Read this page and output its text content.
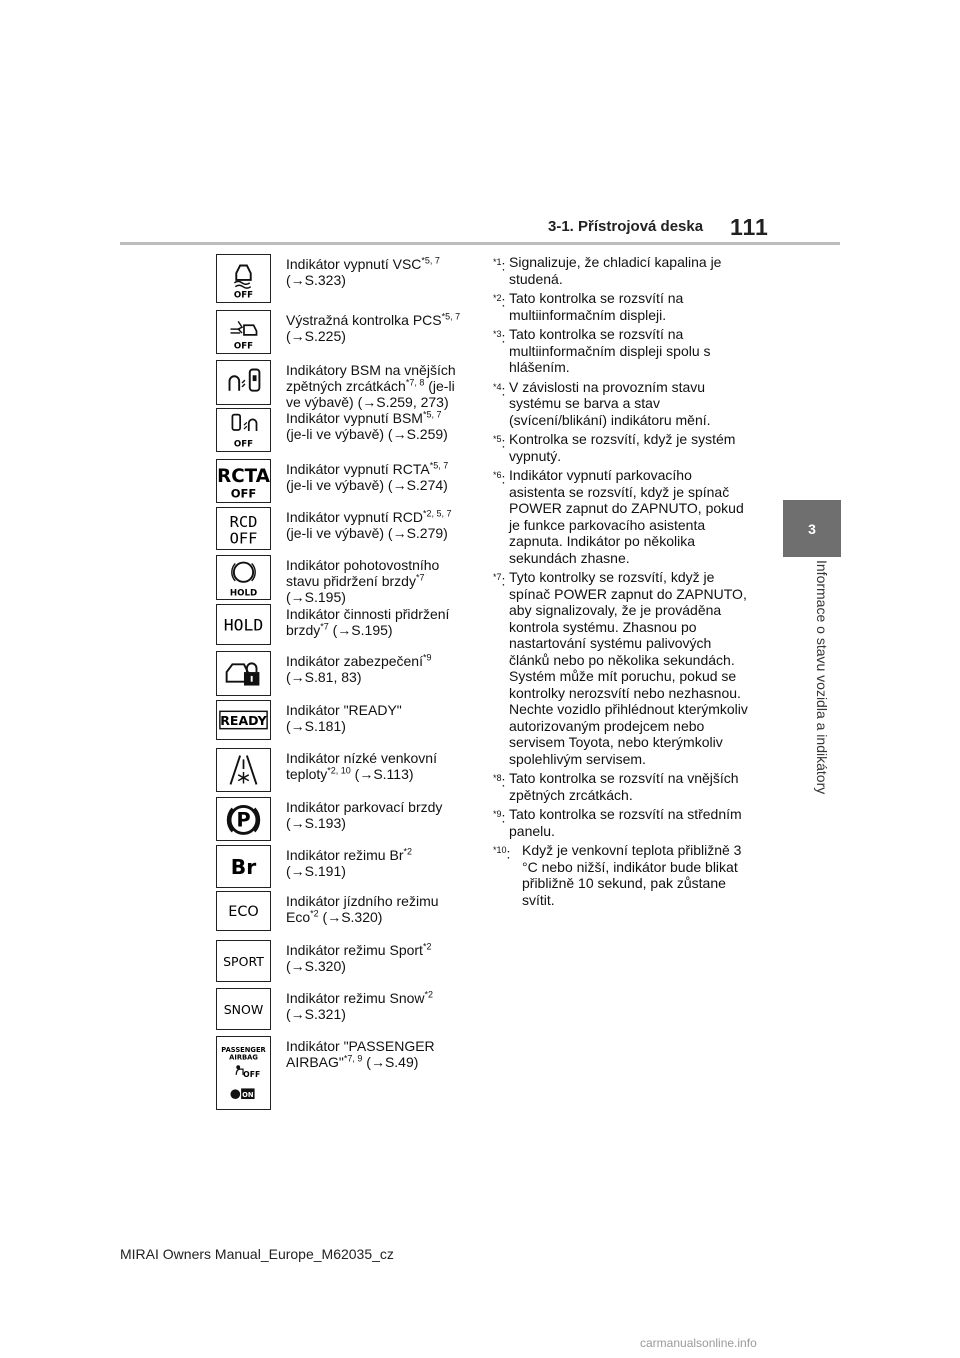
3-1. Přístrojová deska 111
3
Informace o stavu vozidla a indikátory
OFF
Indikátor vypnutí VSC$^{*5, 7}$
(→S.323)
OFF
Výstražná kontrolka PCS$^{*5, 7}$ (→S.225)
Indikátory BSM na vnějších zpětných zrcátkách$^{*7, 8}$ (je-li ve výbavě) (→S.259, 273)
OFF
Indikátor vypnutí BSM$^{*5, 7}$
(je-li ve výbavě) (→S.259)
RCTA
OFF
Indikátor vypnutí RCTA$^{*5, 7}$
(je-li ve výbavě) (→S.274)
RCD
OFF
Indikátor vypnutí RCD$^{*2, 5, 7}$
(je-li ve výbavě) (→S.279)
HOLD
Indikátor pohotovostního stavu přidržení brzdy$^{*7}$
(→S.195)
HOLD
Indikátor činnosti přidržení brzdy$^{*7}$ (→S.195)
Indikátor zabezpečení$^{*9}$
(→S.81, 83)
READY
Indikátor "READY"
(→S.181)
Indikátor nízké venkovní teploty$^{*2, 10}$ (→S.113)
P
Indikátor parkovací brzdy
(→S.193)
Br
Indikátor režimu Br$^{*2}$
(→S.191)
ECO
Indikátor jízdního režimu Eco$^{*2}$ (→S.320)
SPORT
Indikátor režimu Sport$^{*2}$
(→S.320)
SNOW
Indikátor režimu Snow$^{*2}$
(→S.321)
PASSENGER
AIRBAG
OFF
ON
Indikátor "PASSENGER AIRBAG"$^{*7, 9}$ (→S.49)
$^{*1}$: Signalizuje, že chladicí kapalina je studená.
$^{*2}$: Tato kontrolka se rozsvítí na multiinformačním displeji.
$^{*3}$: Tato kontrolka se rozsvítí na multiinformačním displeji spolu s hlášením.
$^{*4}$: V závislosti na provozním stavu systému se barva a stav (svícení/blikání) indikátoru mění.
$^{*5}$: Kontrolka se rozsvítí, když je systém vypnutý.
$^{*6}$: Indikátor vypnutí parkovacího asistenta se rozsvítí, když je spínač POWER zapnut do ZAPNUTO, pokud je funkce parkovacího asistenta zapnuta. Indikátor po několika sekundách zhasne.
$^{*7}$: Tyto kontrolky se rozsvítí, když je spínač POWER zapnut do ZAPNUTO, aby signalizovaly, že je prováděna kontrola systému. Zhasnou po nastartování systému palivových článků nebo po několika sekundách. Systém může mít poruchu, pokud se kontrolky nerozsvítí nebo nezhasnou. Nechte vozidlo přihlédnout kterýmkoliv autorizovaným prodejcem nebo servisem Toyota, nebo kterýmkoliv spolehlivým servisem.
$^{*8}$: Tato kontrolka se rozsvítí na vnějších zpětných zrcátkách.
$^{*9}$: Tato kontrolka se rozsvítí na středním panelu.
$^{*10}$: Když je venkovní teplota přibližně 3 °C nebo nižší, indikátor bude blikat přibližně 10 sekund, pak zůstane svítit.
MIRAI Owners Manual_Europe_M62035_cz
carmanualsonline.info
